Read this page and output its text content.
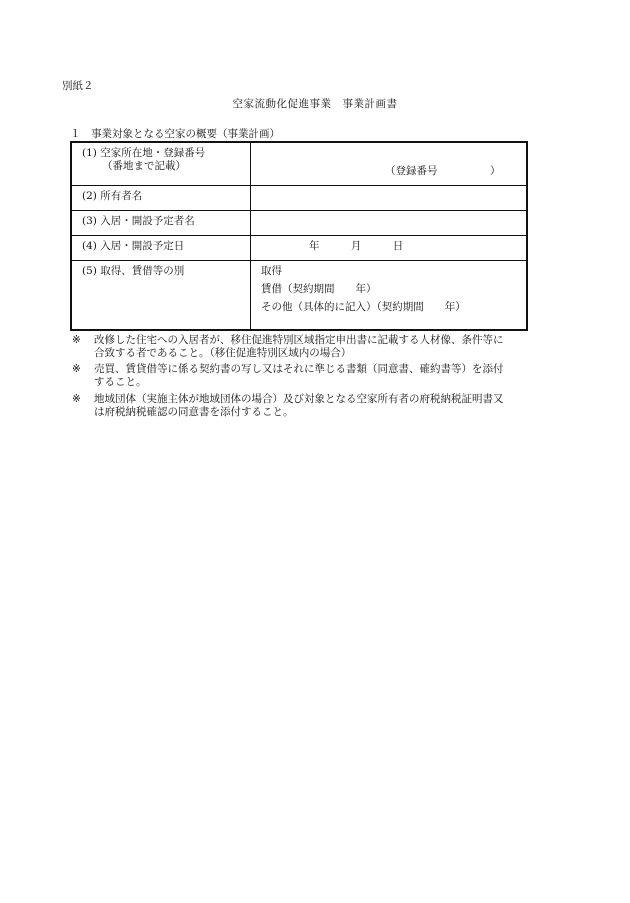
別紙２
空家流動化促進事業　事業計画書
１　事業対象となる空家の概要（事業計画）
(1) 空家所在地・登録番号
（番地まで記載）	（登録番号　　　　　）

(2) 所有者名	
(3) 入居・開設予定者名	
(4) 入居・開設予定日	年 月 日
(5) 取得、賃借等の別	取得
賃借（契約期間　　年）
その他（具体的に記入）（契約期間　　年）
※	改修した住宅への入居者が、移住促進特別区域指定申出書に記載する人材像、条件等に
合致する者であること。（移住促進特別区域内の場合）
※	売買、賃貸借等に係る契約書の写し又はそれに準じる書類（同意書、確約書等）を添付
すること。
※	地域団体（実施主体が地域団体の場合）及び対象となる空家所有者の府税納税証明書又
は府税納税確認の同意書を添付すること。
